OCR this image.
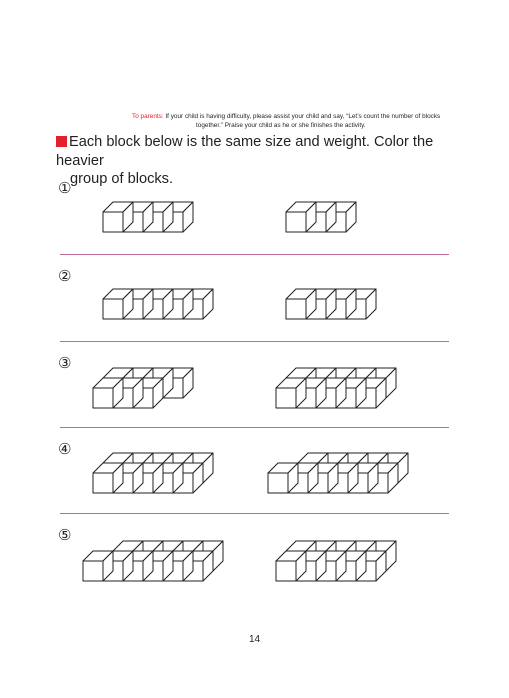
To parents: If your child is having difficulty, please assist your child and say, “Let’s count the number of blocks
together.” Praise your child as he or she finishes the activity.
Each block below is the same size and weight. Color the heavier
group of blocks.
①
②
③
④
⑤
14
